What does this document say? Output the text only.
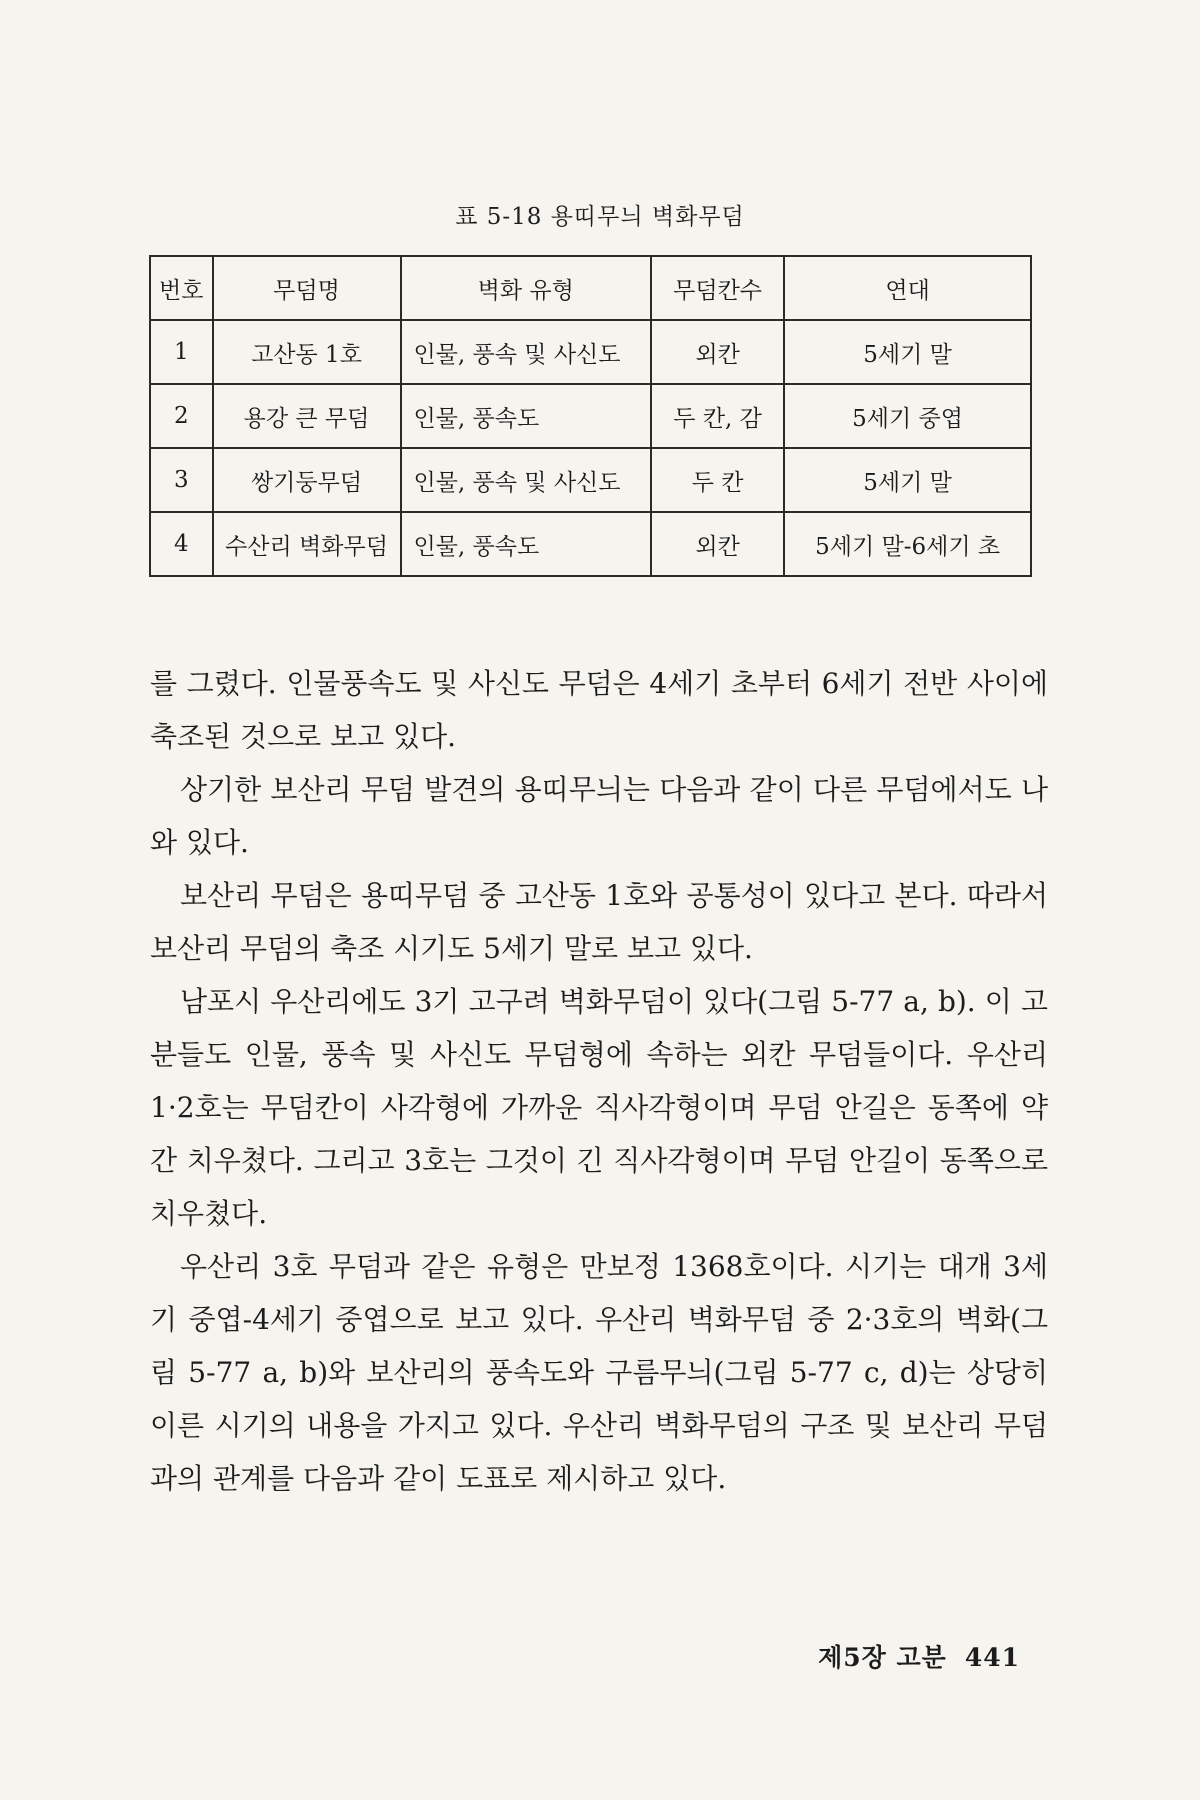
표 5-18 용띠무늬 벽화무덤
번호	무덤명	벽화 유형	무덤칸수	연대
1	고산동 1호	인물, 풍속 및 사신도	외칸	5세기 말
2	용강 큰 무덤	인물, 풍속도	두 칸, 감	5세기 중엽
3	쌍기둥무덤	인물, 풍속 및 사신도	두 칸	5세기 말
4	수산리 벽화무덤	인물, 풍속도	외칸	5세기 말-6세기 초

를 그렸다. 인물풍속도 및 사신도 무덤은 4세기 초부터 6세기 전반 사이에 축조된 것으로 보고 있다.

상기한 보산리 무덤 발견의 용띠무늬는 다음과 같이 다른 무덤에서도 나와 있다.

보산리 무덤은 용띠무덤 중 고산동 1호와 공통성이 있다고 본다. 따라서 보산리 무덤의 축조 시기도 5세기 말로 보고 있다.

남포시 우산리에도 3기 고구려 벽화무덤이 있다(그림 5-77 a, b). 이 고분들도 인물, 풍속 및 사신도 무덤형에 속하는 외칸 무덤들이다. 우산리 1·2호는 무덤칸이 사각형에 가까운 직사각형이며 무덤 안길은 동쪽에 약간 치우쳤다. 그리고 3호는 그것이 긴 직사각형이며 무덤 안길이 동쪽으로 치우쳤다.

우산리 3호 무덤과 같은 유형은 만보정 1368호이다. 시기는 대개 3세기 중엽-4세기 중엽으로 보고 있다. 우산리 벽화무덤 중 2·3호의 벽화(그림 5-77 a, b)와 보산리의 풍속도와 구름무늬(그림 5-77 c, d)는 상당히 이른 시기의 내용을 가지고 있다. 우산리 벽화무덤의 구조 및 보산리 무덤과의 관계를 다음과 같이 도표로 제시하고 있다.

제5장 고분 441
